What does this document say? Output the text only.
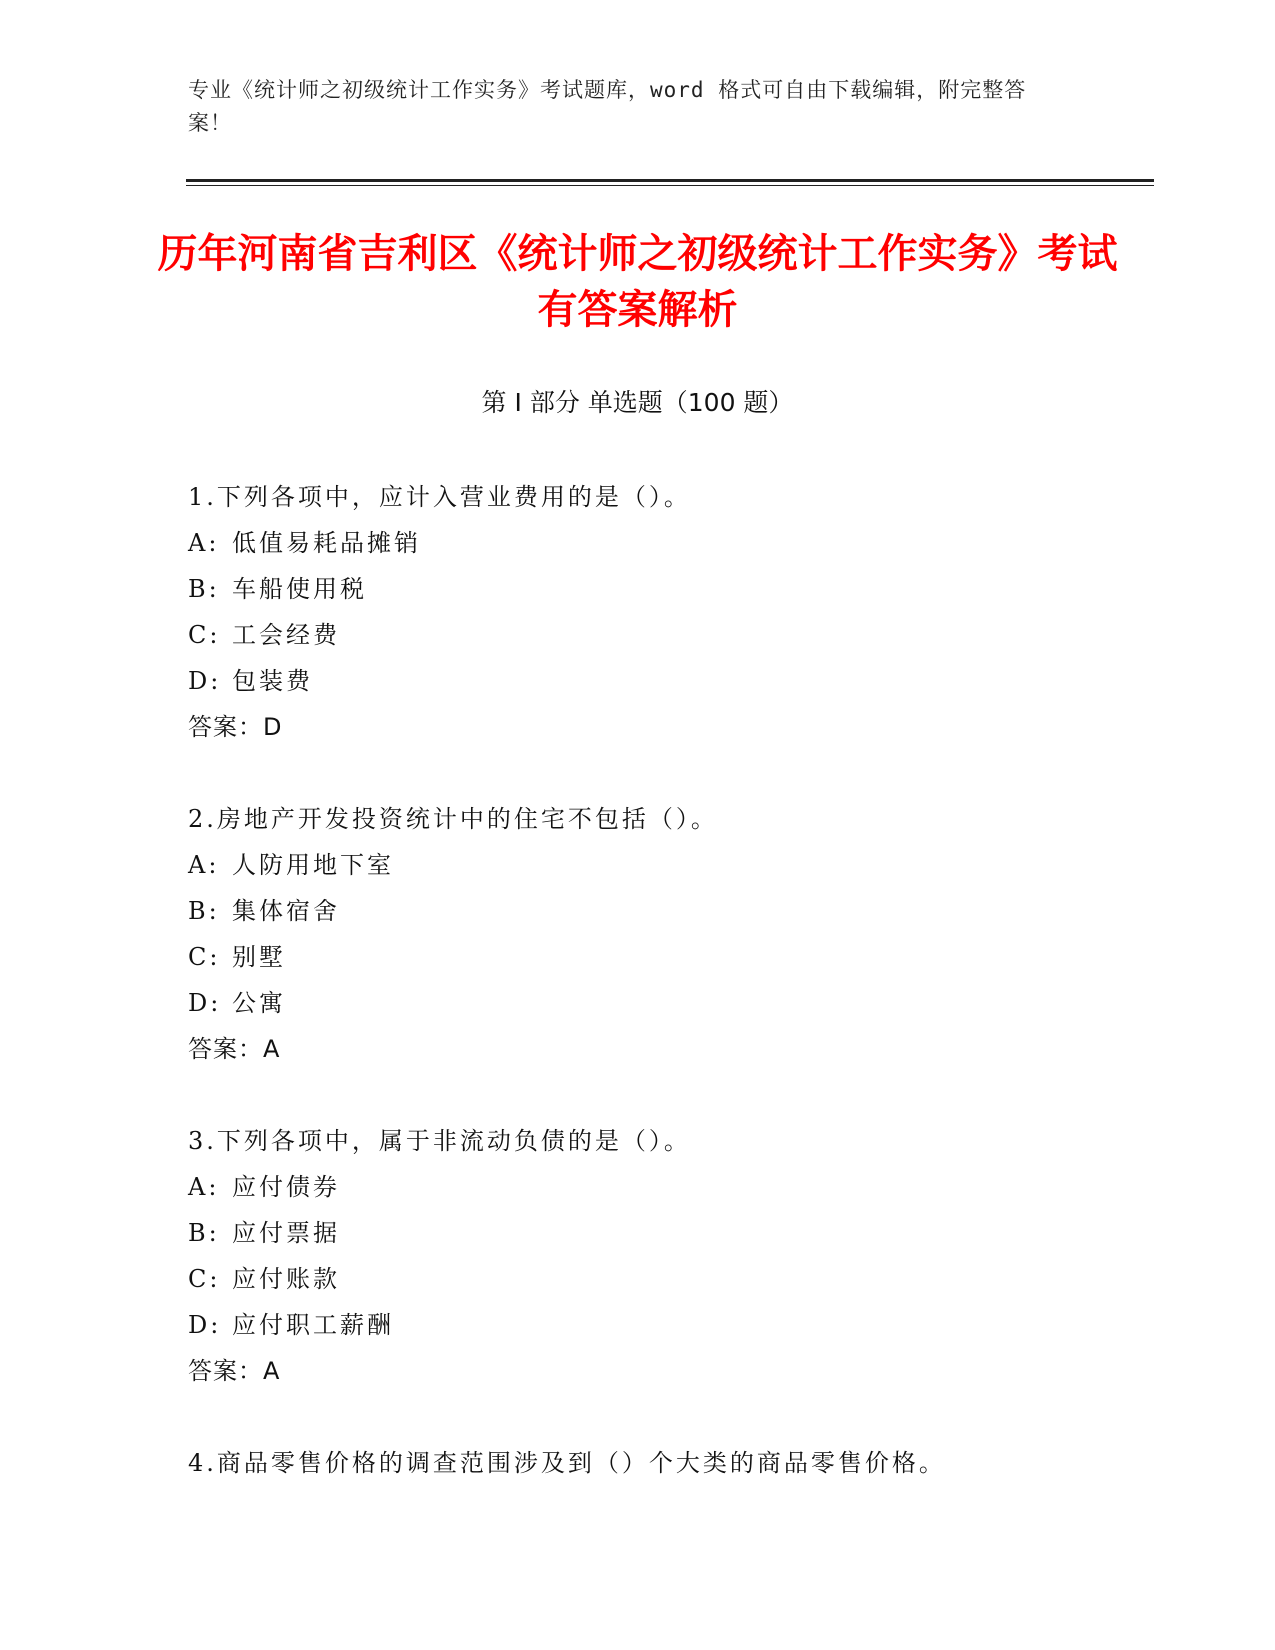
专业《统计师之初级统计工作实务》考试题库，word 格式可自由下载编辑，附完整答案！
历年河南省吉利区《统计师之初级统计工作实务》考试有答案解析
第 I 部分 单选题（100 题）
1.下列各项中，应计入营业费用的是（）。
A: 低值易耗品摊销
B: 车船使用税
C: 工会经费
D: 包装费
答案：D
2.房地产开发投资统计中的住宅不包括（）。
A: 人防用地下室
B: 集体宿舍
C: 别墅
D: 公寓
答案：A
3.下列各项中，属于非流动负债的是（）。
A: 应付债券
B: 应付票据
C: 应付账款
D: 应付职工薪酬
答案：A
4.商品零售价格的调查范围涉及到（）个大类的商品零售价格。
